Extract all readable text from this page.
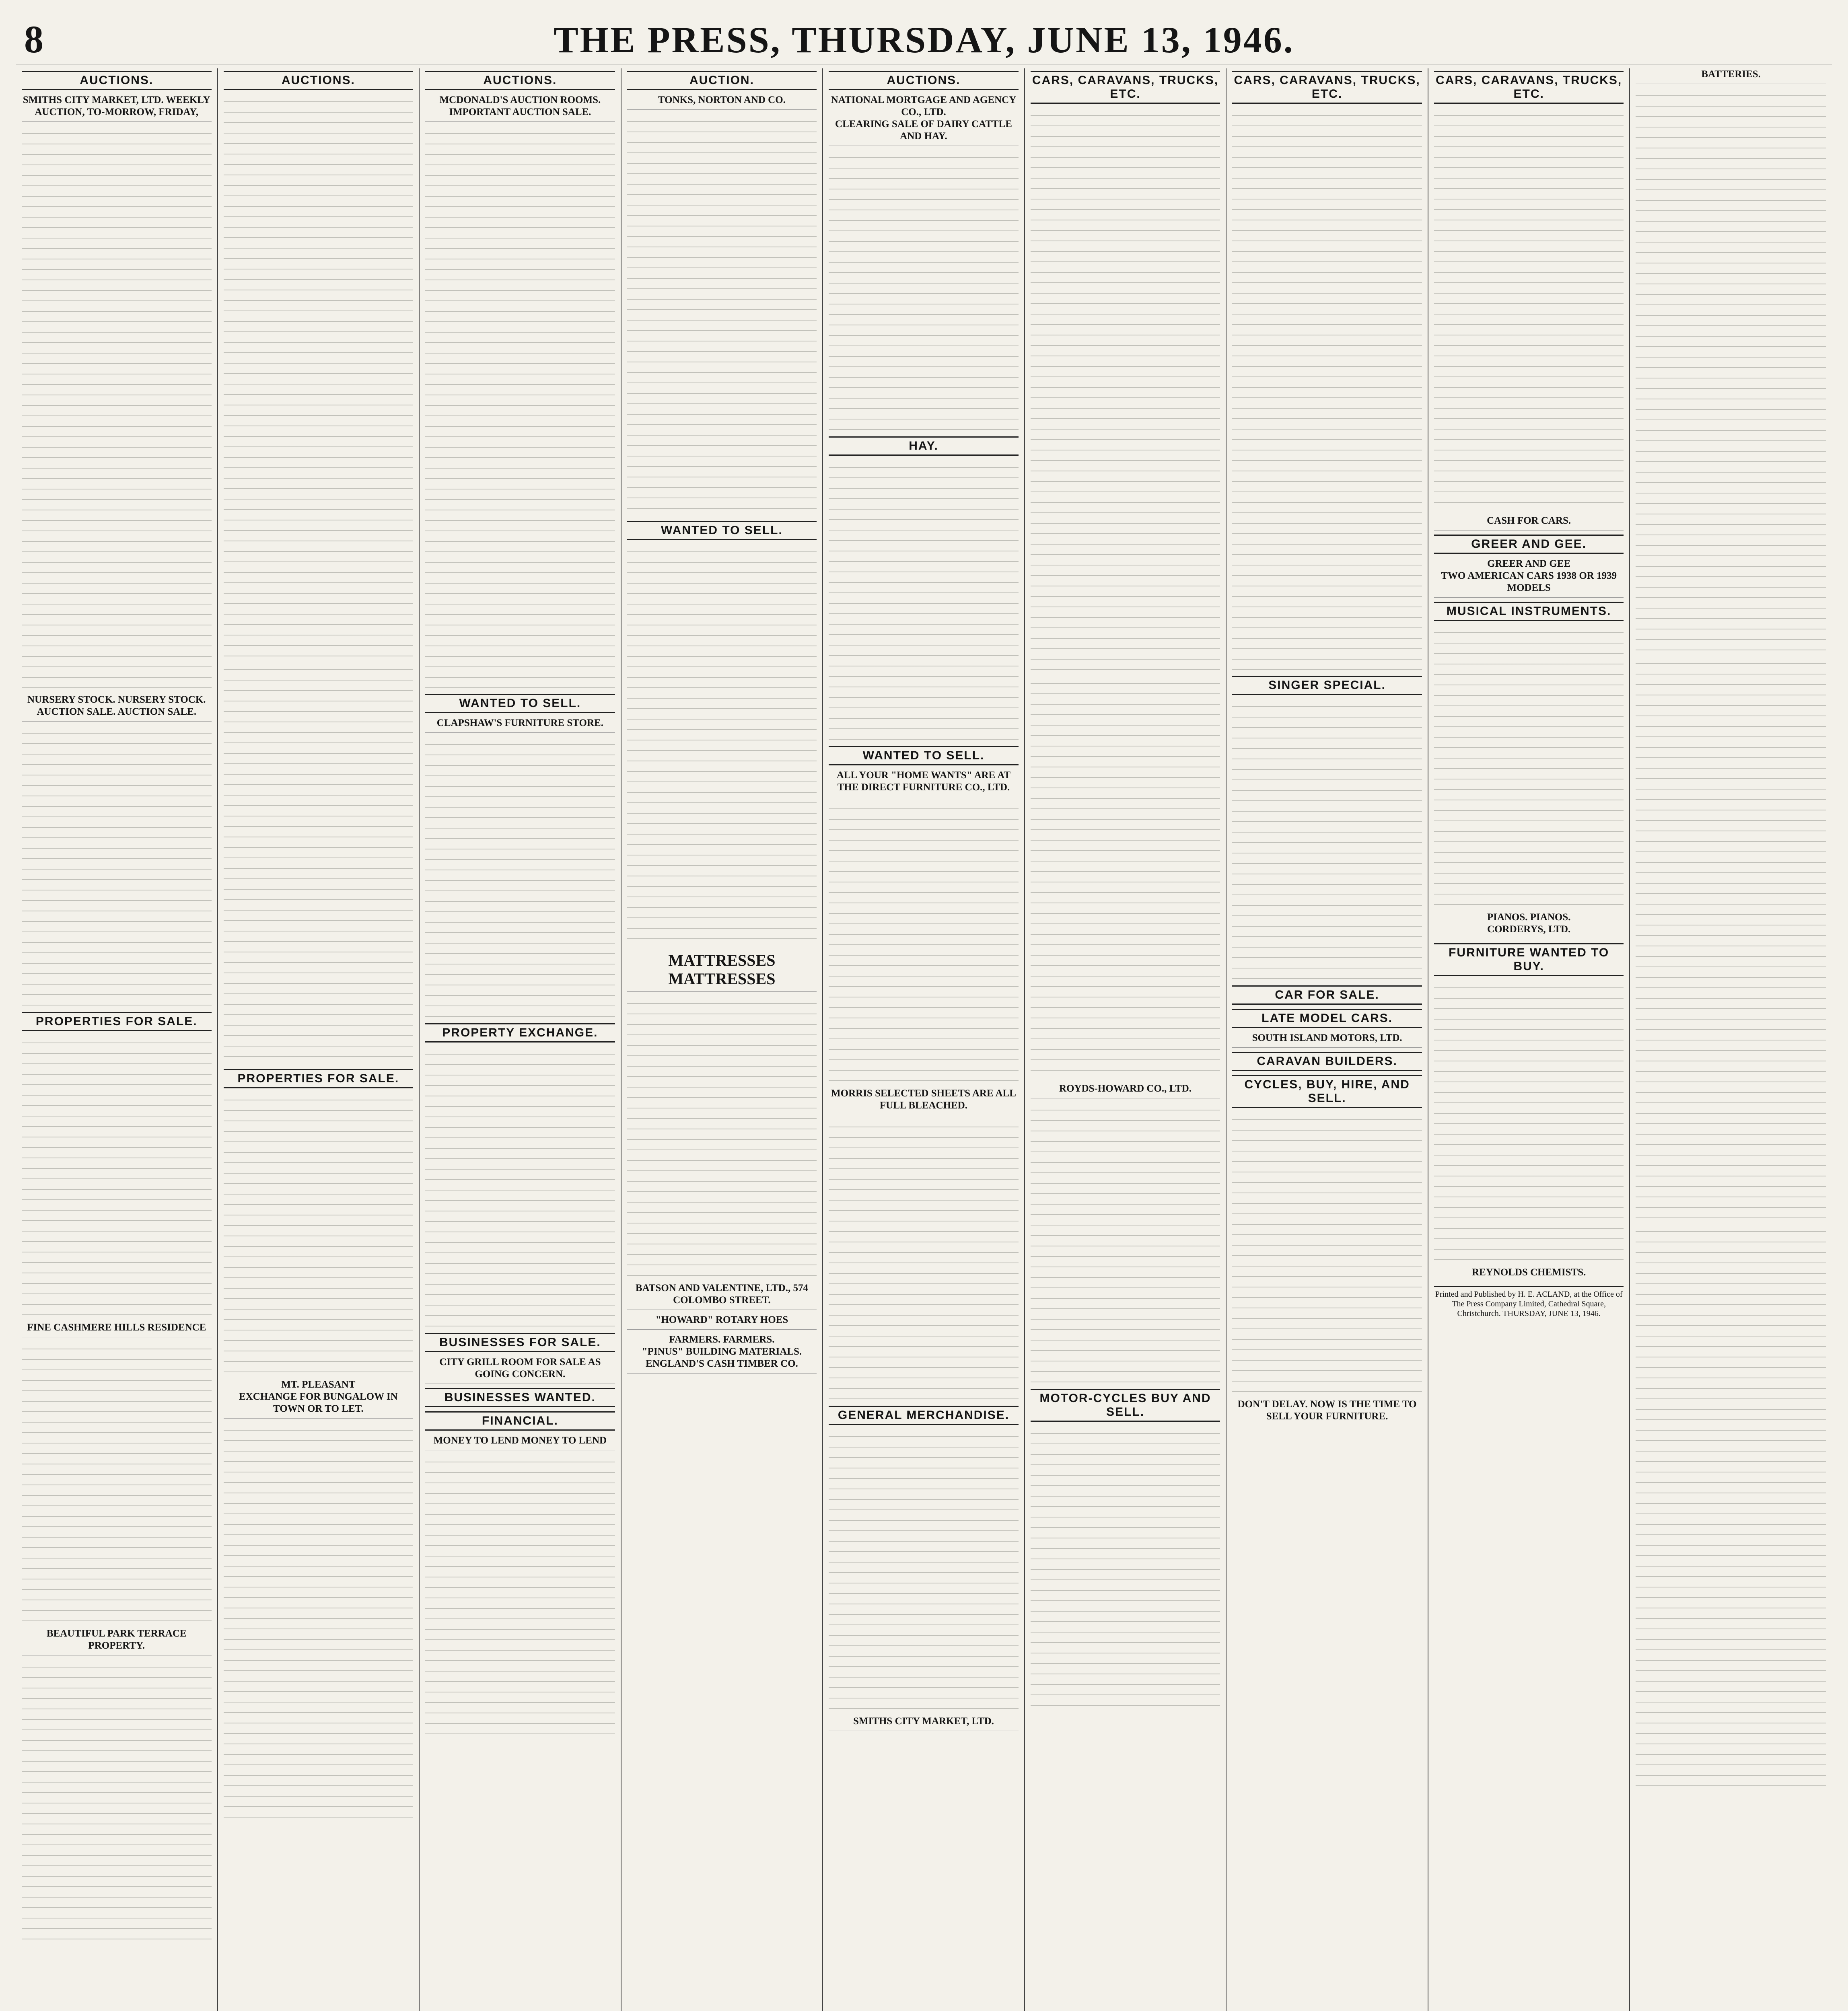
8	THE PRESS, THURSDAY, JUNE 13, 1946.
AUCTIONS.
SMITHS CITY MARKET, LTD. WEEKLY AUCTION, TO-MORROW, FRIDAY,
NURSERY STOCK. NURSERY STOCK.
AUCTION SALE. AUCTION SALE.
PROPERTIES FOR SALE.
FINE CASHMERE HILLS RESIDENCE
BEAUTIFUL PARK TERRACE PROPERTY.
AUCTIONS.
PROPERTIES FOR SALE.
MT. PLEASANT
EXCHANGE FOR BUNGALOW IN TOWN OR TO LET.
AUCTIONS.
MCDONALD'S AUCTION ROOMS. IMPORTANT AUCTION SALE.
WANTED TO SELL.
CLAPSHAW'S FURNITURE STORE.
PROPERTY EXCHANGE.
BUSINESSES FOR SALE.
CITY GRILL ROOM FOR SALE AS GOING CONCERN.
BUSINESSES WANTED.
FINANCIAL.
MONEY TO LEND MONEY TO LEND
AUCTION.
TONKS, NORTON AND CO.
WANTED TO SELL.
MATTRESSES MATTRESSES
BATSON AND VALENTINE, LTD., 574 COLOMBO STREET.
"HOWARD" ROTARY HOES
FARMERS. FARMERS.
"PINUS" BUILDING MATERIALS.
ENGLAND'S CASH TIMBER CO.
AUCTIONS.
NATIONAL MORTGAGE AND AGENCY CO., LTD.
CLEARING SALE OF DAIRY CATTLE AND HAY.
HAY.
WANTED TO SELL.
ALL YOUR "HOME WANTS" ARE AT THE DIRECT FURNITURE CO., LTD.
MORRIS SELECTED SHEETS ARE ALL FULL BLEACHED.
GENERAL MERCHANDISE.
SMITHS CITY MARKET, LTD.
CARS, CARAVANS, TRUCKS, ETC.
ROYDS-HOWARD CO., LTD.
MOTOR-CYCLES BUY AND SELL.
CARS, CARAVANS, TRUCKS, ETC.
SINGER SPECIAL.
CAR FOR SALE.
LATE MODEL CARS.
SOUTH ISLAND MOTORS, LTD.
CARAVAN BUILDERS.
CYCLES, BUY, HIRE, AND SELL.
DON'T DELAY. NOW IS THE TIME TO SELL YOUR FURNITURE.
CARS, CARAVANS, TRUCKS, ETC.
CASH FOR CARS.
GREER AND GEE.
GREER AND GEE
TWO AMERICAN CARS 1938 OR 1939 MODELS
MUSICAL INSTRUMENTS.
PIANOS. PIANOS.
CORDERYS, LTD.
FURNITURE WANTED TO BUY.
REYNOLDS CHEMISTS.
Printed and Published by H. E. ACLAND, at the Office of The Press Company Limited, Cathedral Square, Christchurch. THURSDAY, JUNE 13, 1946.
BATTERIES.
